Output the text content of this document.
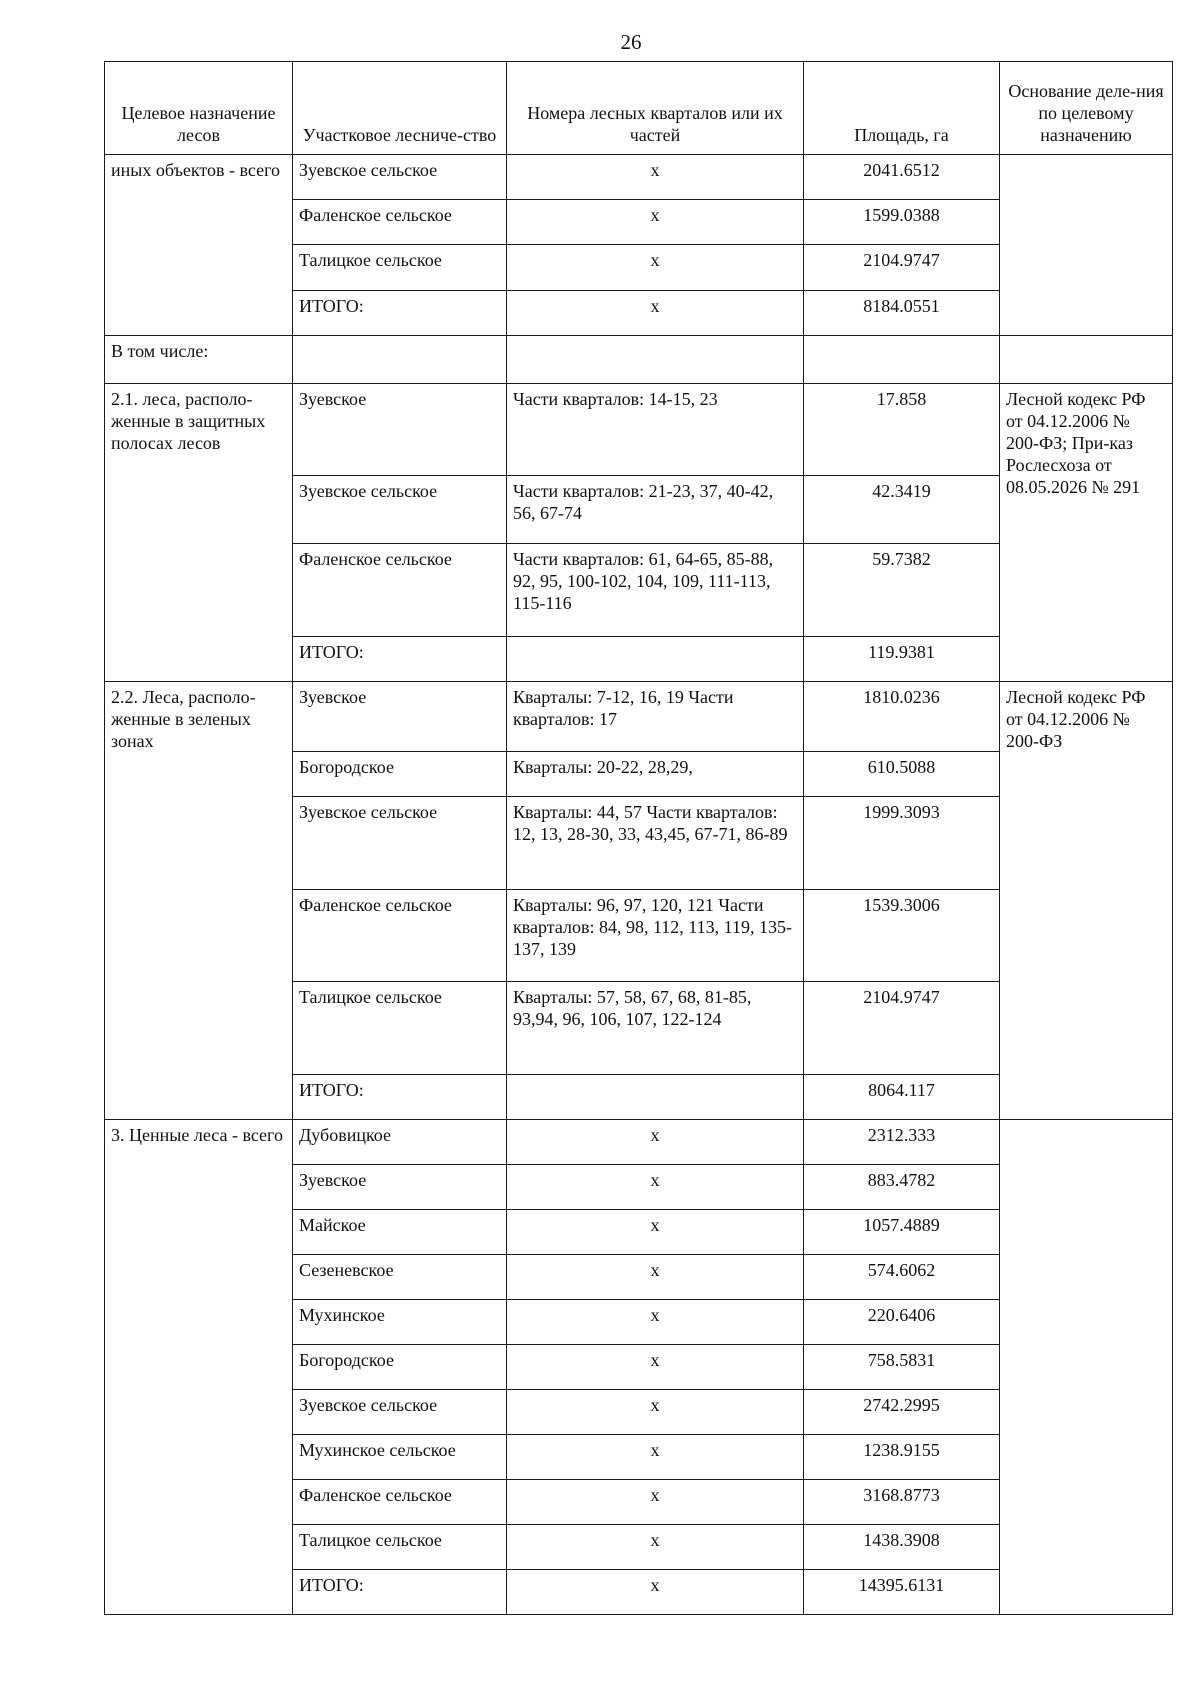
26
Целевое назначение лесов	Участковое лесниче-ство	Номера лесных кварталов или их частей	Площадь, га	Основание деле-ния по целевому назначению
иных объектов - всего	Зуевское сельское	х	2041.6512	
	Фаленское сельское	х	1599.0388	
	Талицкое сельское	х	2104.9747	
	ИТОГО:	х	8184.0551	
В том числе:				
2.1. леса, располо-женные в защитных полосах лесов	Зуевское	Части кварталов: 14-15, 23	17.858	Лесной кодекс РФ от 04.12.2006 № 200-ФЗ; При-каз Рослесхоза от 08.05.2026 № 291
	Зуевское сельское	Части кварталов: 21-23, 37, 40-42, 56, 67-74	42.3419	
	Фаленское сельское	Части кварталов: 61, 64-65, 85-88, 92, 95, 100-102, 104, 109, 111-113, 115-116	59.7382	
	ИТОГО:		119.9381	
2.2. Леса, располо-женные в зеленых зонах	Зуевское	Кварталы: 7-12, 16, 19 Части кварталов: 17	1810.0236	Лесной кодекс РФ от 04.12.2006 № 200-ФЗ
	Богородское	Кварталы: 20-22, 28,29,	610.5088	
	Зуевское сельское	Кварталы: 44, 57 Части кварталов: 12, 13, 28-30, 33, 43,45, 67-71, 86-89	1999.3093	
	Фаленское сельское	Кварталы: 96, 97, 120, 121 Части кварталов: 84, 98, 112, 113, 119, 135-137, 139	1539.3006	
	Талицкое сельское	Кварталы: 57, 58, 67, 68, 81-85, 93,94, 96, 106, 107, 122-124	2104.9747	
	ИТОГО:		8064.117	
3. Ценные леса - всего	Дубовицкое	х	2312.333	
	Зуевское	х	883.4782	
	Майское	х	1057.4889	
	Сезеневское	х	574.6062	
	Мухинское	х	220.6406	
	Богородское	х	758.5831	
	Зуевское сельское	х	2742.2995	
	Мухинское сельское	х	1238.9155	
	Фаленское сельское	х	3168.8773	
	Талицкое сельское	х	1438.3908	
	ИТОГО:	х	14395.6131	
